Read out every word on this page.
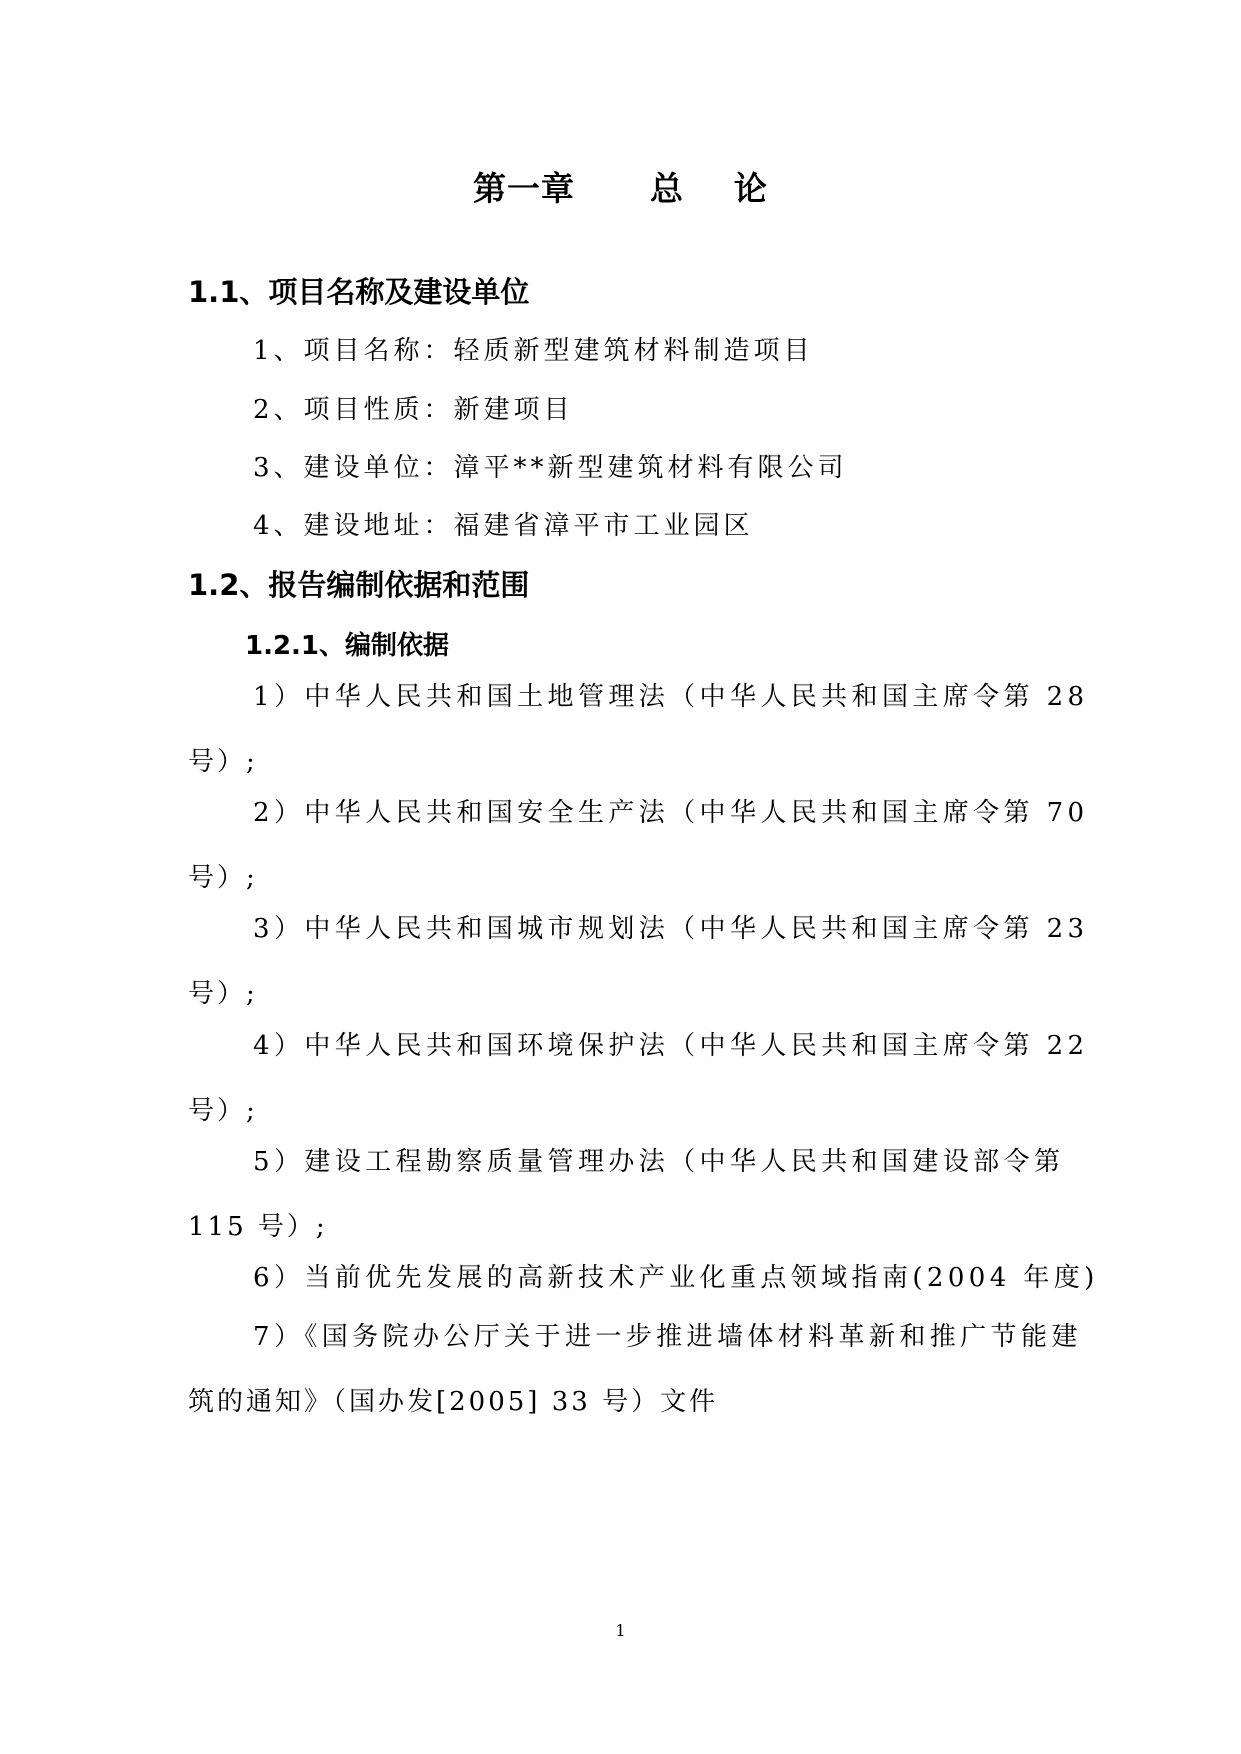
第一章      总    论
1.1、项目名称及建设单位

1、项目名称：轻质新型建筑材料制造项目

2、项目性质：新建项目

3、建设单位：漳平**新型建筑材料有限公司

4、建设地址：福建省漳平市工业园区

1.2、报告编制依据和范围
1.2.1、编制依据
1）中华人民共和国土地管理法（中华人民共和国主席令第 28
号）;
2）中华人民共和国安全生产法（中华人民共和国主席令第 70
号）;
3）中华人民共和国城市规划法（中华人民共和国主席令第 23
号）;
4）中华人民共和国环境保护法（中华人民共和国主席令第 22
号）;
5）建设工程勘察质量管理办法（中华人民共和国建设部令第
115 号）;
6）当前优先发展的高新技术产业化重点领域指南(2004 年度)
7）《国务院办公厅关于进一步推进墙体材料革新和推广节能建
筑的通知》（国办发[2005] 33 号）文件

1
